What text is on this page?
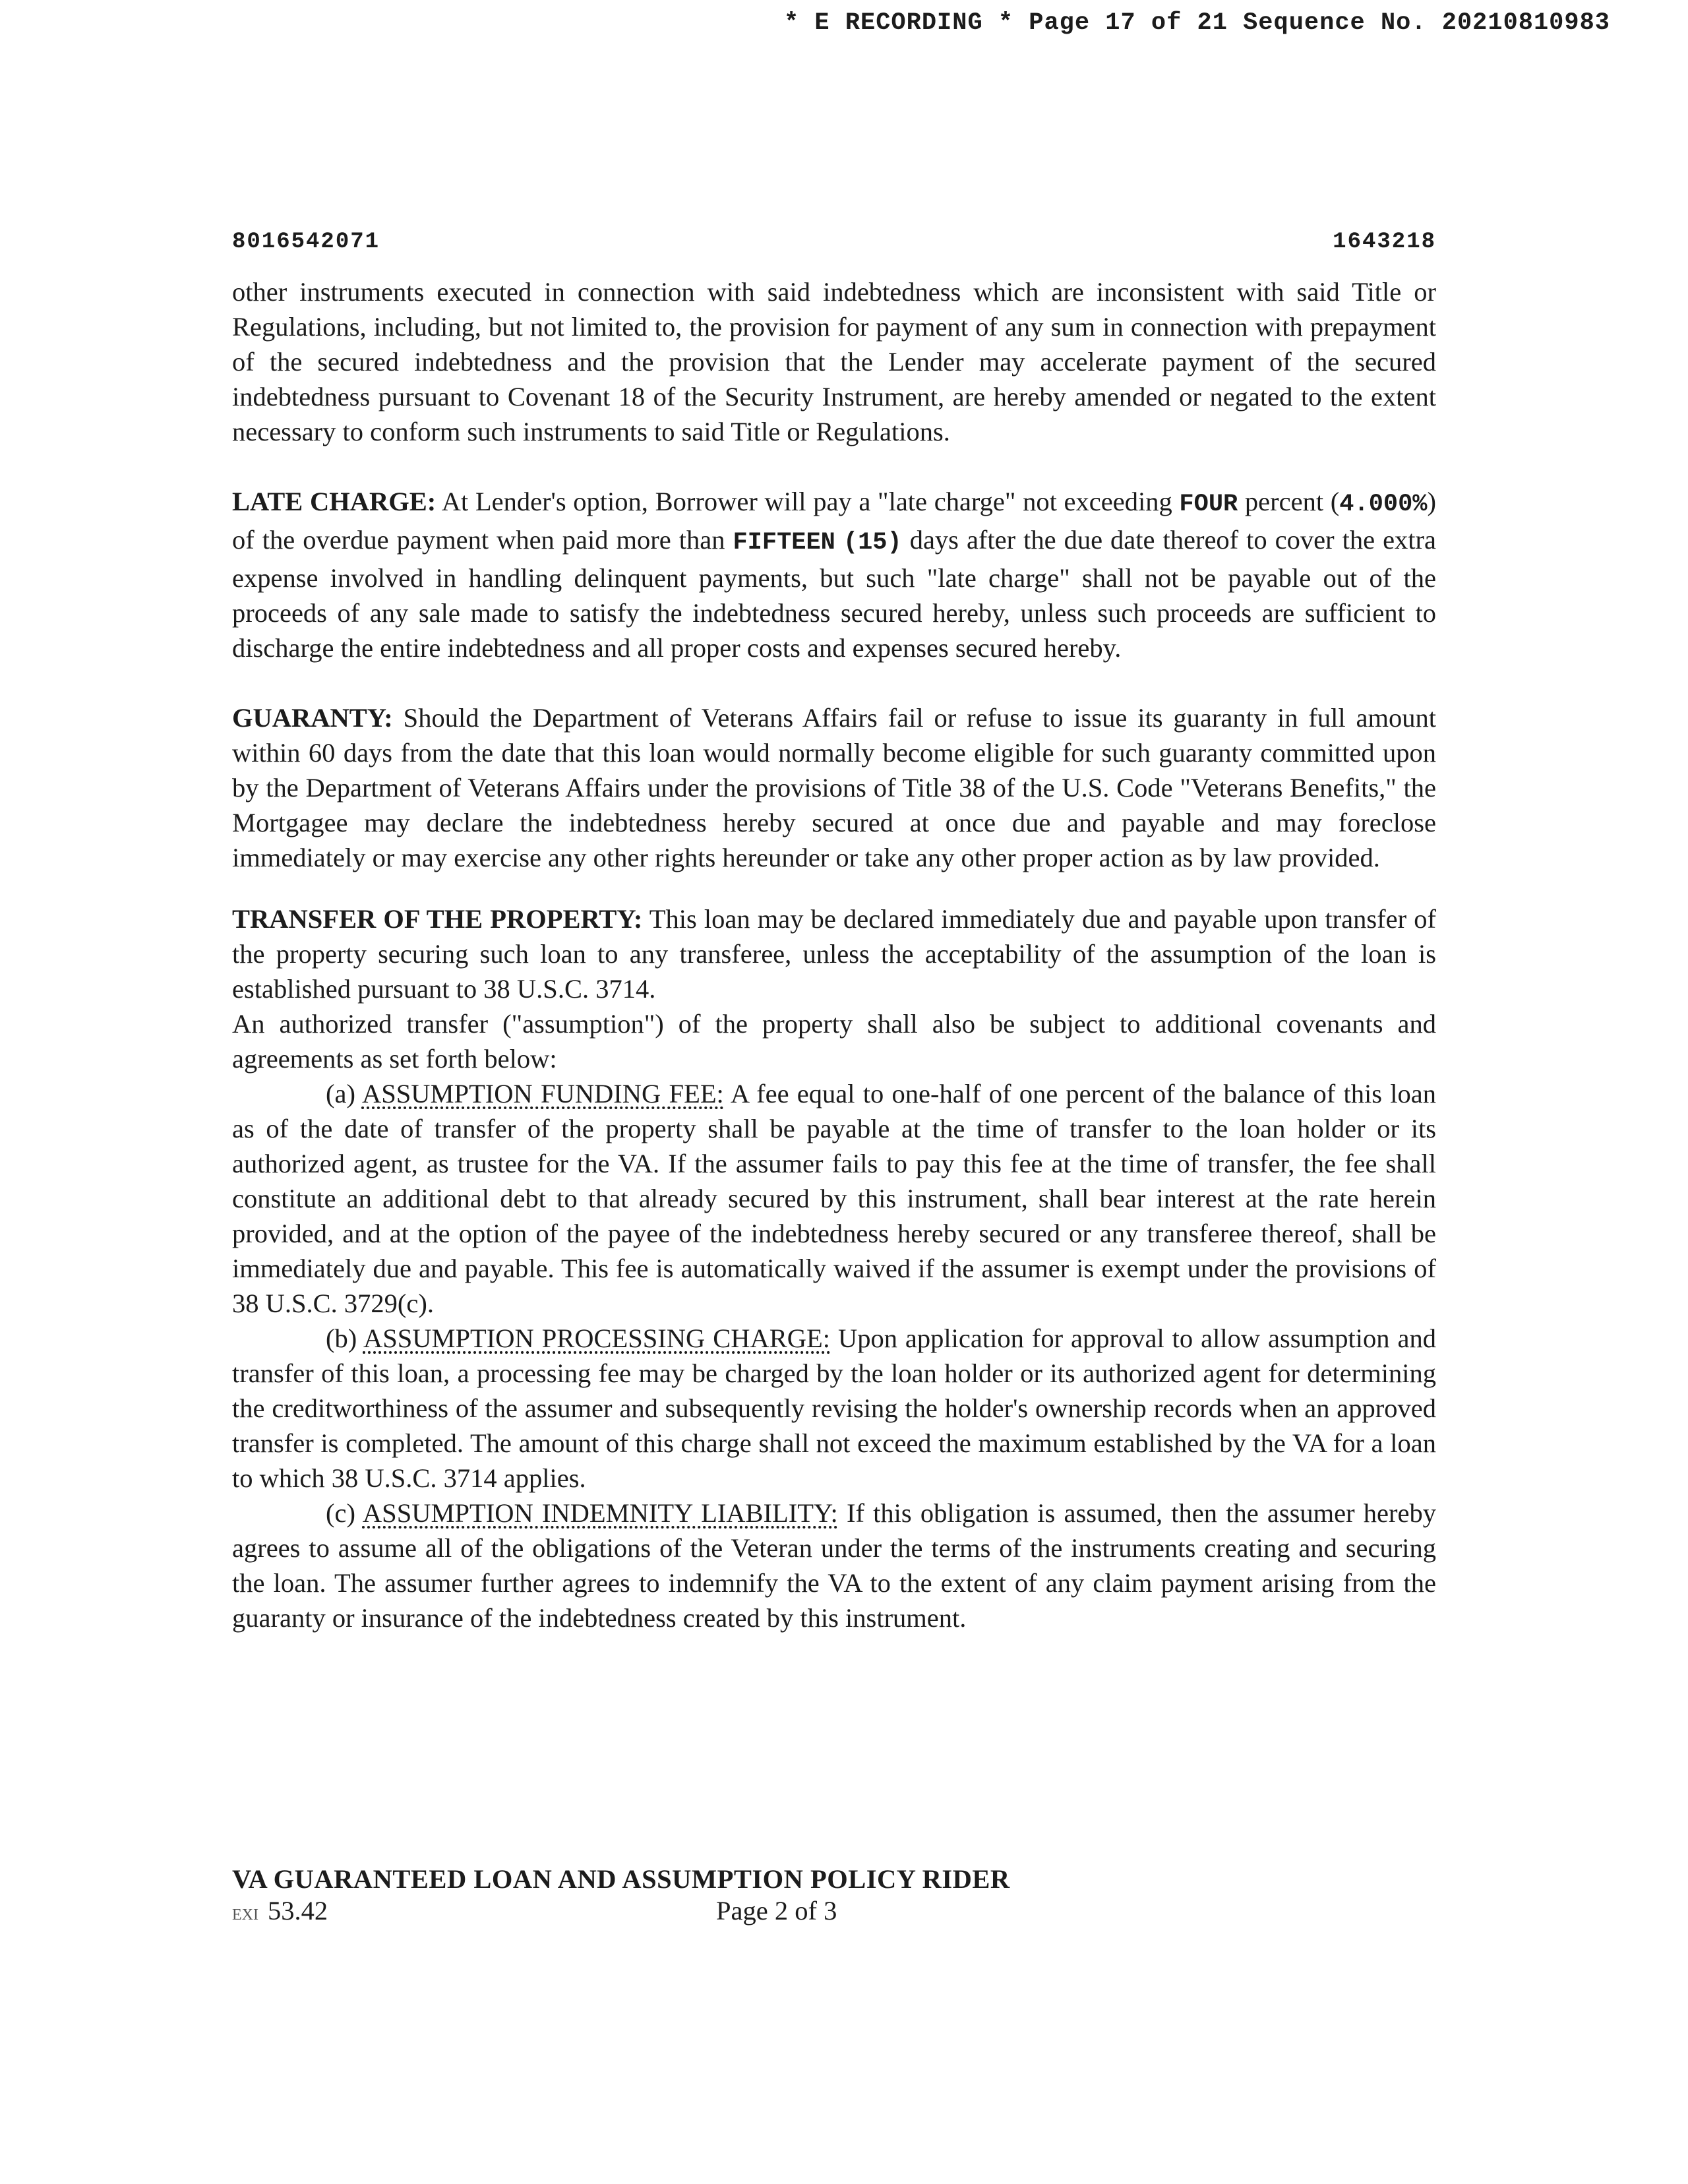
* E RECORDING * Page 17 of 21 Sequence No. 20210810983
8016542071	1643218

other instruments executed in connection with said indebtedness which are inconsistent with said Title or Regulations, including, but not limited to, the provision for payment of any sum in connection with prepayment of the secured indebtedness and the provision that the Lender may accelerate payment of the secured indebtedness pursuant to Covenant 18 of the Security Instrument, are hereby amended or negated to the extent necessary to conform such instruments to said Title or Regulations.

LATE CHARGE: At Lender's option, Borrower will pay a "late charge" not exceeding FOUR percent (4.000%) of the overdue payment when paid more than FIFTEEN (15) days after the due date thereof to cover the extra expense involved in handling delinquent payments, but such "late charge" shall not be payable out of the proceeds of any sale made to satisfy the indebtedness secured hereby, unless such proceeds are sufficient to discharge the entire indebtedness and all proper costs and expenses secured hereby.

GUARANTY: Should the Department of Veterans Affairs fail or refuse to issue its guaranty in full amount within 60 days from the date that this loan would normally become eligible for such guaranty committed upon by the Department of Veterans Affairs under the provisions of Title 38 of the U.S. Code "Veterans Benefits," the Mortgagee may declare the indebtedness hereby secured at once due and payable and may foreclose immediately or may exercise any other rights hereunder or take any other proper action as by law provided.

TRANSFER OF THE PROPERTY: This loan may be declared immediately due and payable upon transfer of the property securing such loan to any transferee, unless the acceptability of the assumption of the loan is established pursuant to 38 U.S.C. 3714.

An authorized transfer ("assumption") of the property shall also be subject to additional covenants and agreements as set forth below:

(a) ASSUMPTION FUNDING FEE: A fee equal to one-half of one percent of the balance of this loan as of the date of transfer of the property shall be payable at the time of transfer to the loan holder or its authorized agent, as trustee for the VA. If the assumer fails to pay this fee at the time of transfer, the fee shall constitute an additional debt to that already secured by this instrument, shall bear interest at the rate herein provided, and at the option of the payee of the indebtedness hereby secured or any transferee thereof, shall be immediately due and payable. This fee is automatically waived if the assumer is exempt under the provisions of 38 U.S.C. 3729(c).

(b) ASSUMPTION PROCESSING CHARGE: Upon application for approval to allow assumption and transfer of this loan, a processing fee may be charged by the loan holder or its authorized agent for determining the creditworthiness of the assumer and subsequently revising the holder's ownership records when an approved transfer is completed. The amount of this charge shall not exceed the maximum established by the VA for a loan to which 38 U.S.C. 3714 applies.

(c) ASSUMPTION INDEMNITY LIABILITY: If this obligation is assumed, then the assumer hereby agrees to assume all of the obligations of the Veteran under the terms of the instruments creating and securing the loan. The assumer further agrees to indemnify the VA to the extent of any claim payment arising from the guaranty or insurance of the indebtedness created by this instrument.

VA GUARANTEED LOAN AND ASSUMPTION POLICY RIDER
EXI 53.42	Page 2 of 3
